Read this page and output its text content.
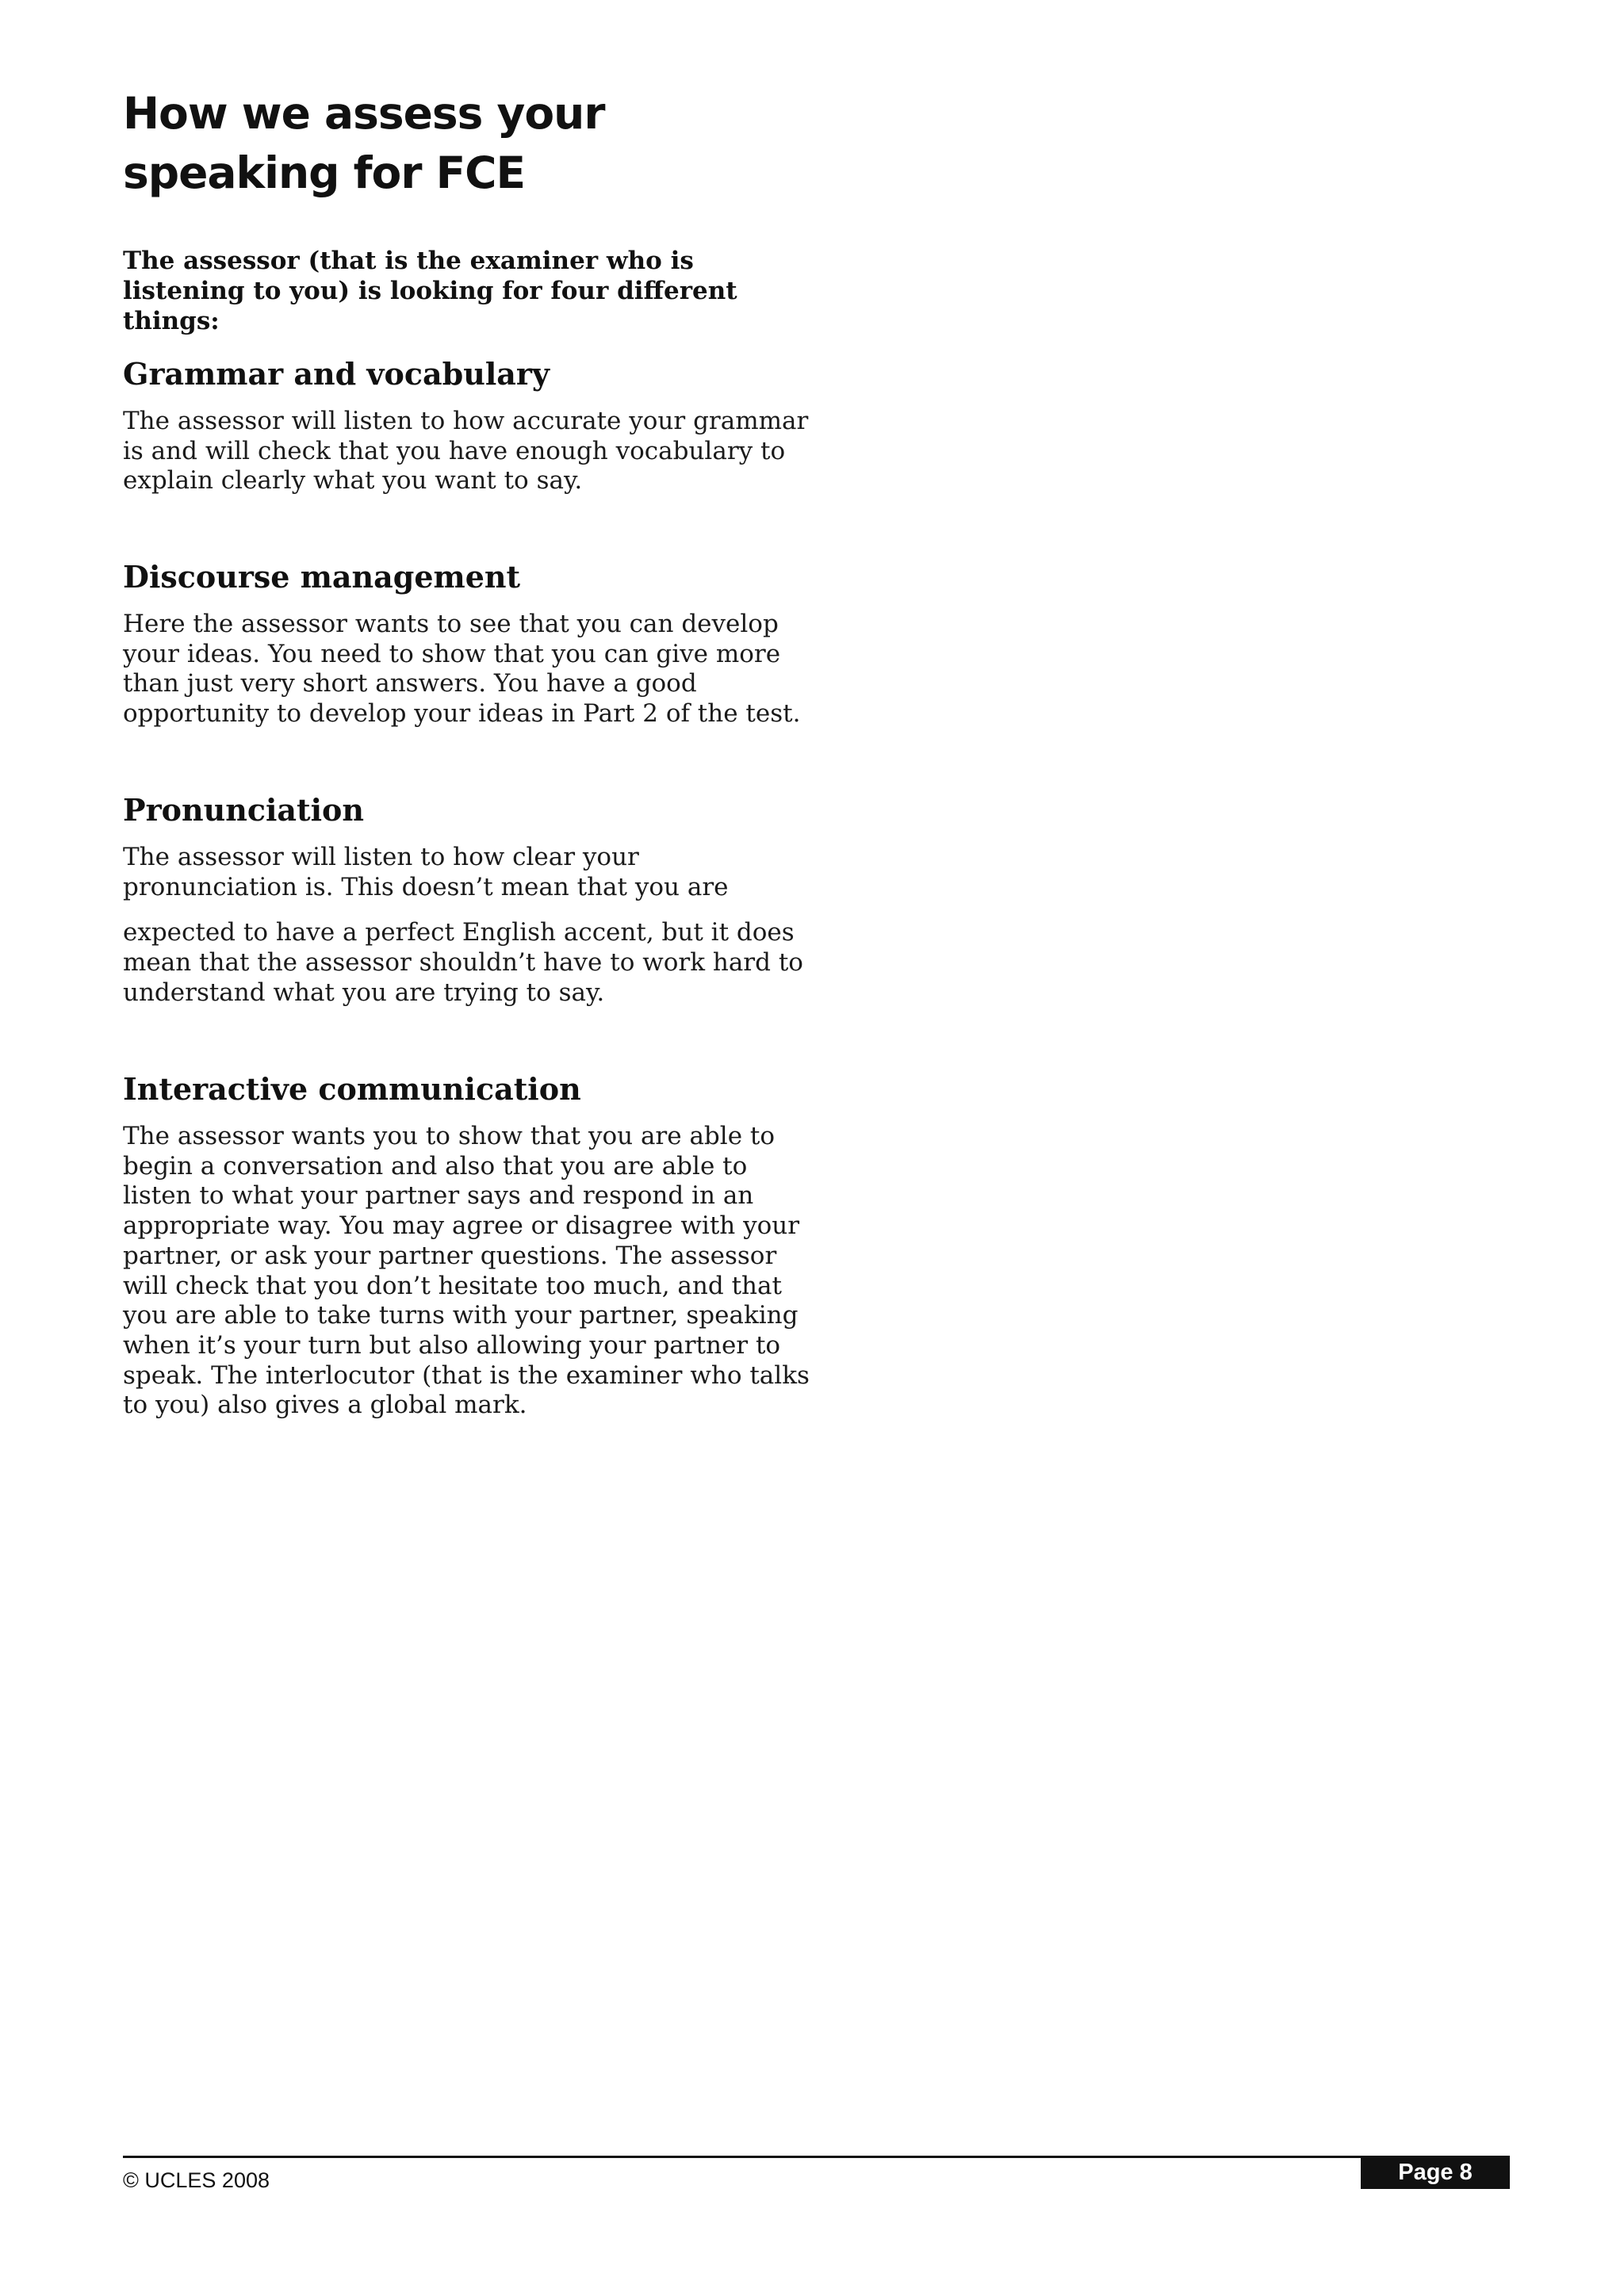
How we assess your
speaking for FCE

The assessor (that is the examiner who is listening to you) is looking for four different things:

Grammar and vocabulary

The assessor will listen to how accurate your grammar is and will check that you have enough vocabulary to explain clearly what you want to say.

Discourse management

Here the assessor wants to see that you can develop your ideas. You need to show that you can give more than just very short answers. You have a good opportunity to develop your ideas in Part 2 of the test.

Pronunciation

The assessor will listen to how clear your pronunciation is. This doesn’t mean that you are

expected to have a perfect English accent, but it does mean that the assessor shouldn’t have to work hard to understand what you are trying to say.

Interactive communication

The assessor wants you to show that you are able to begin a conversation and also that you are able to listen to what your partner says and respond in an appropriate way. You may agree or disagree with your partner, or ask your partner questions. The assessor will check that you don’t hesitate too much, and that you are able to take turns with your partner, speaking when it’s your turn but also allowing your partner to speak. The interlocutor (that is the examiner who talks to you) also gives a global mark.

© UCLES 2008	Page 8
